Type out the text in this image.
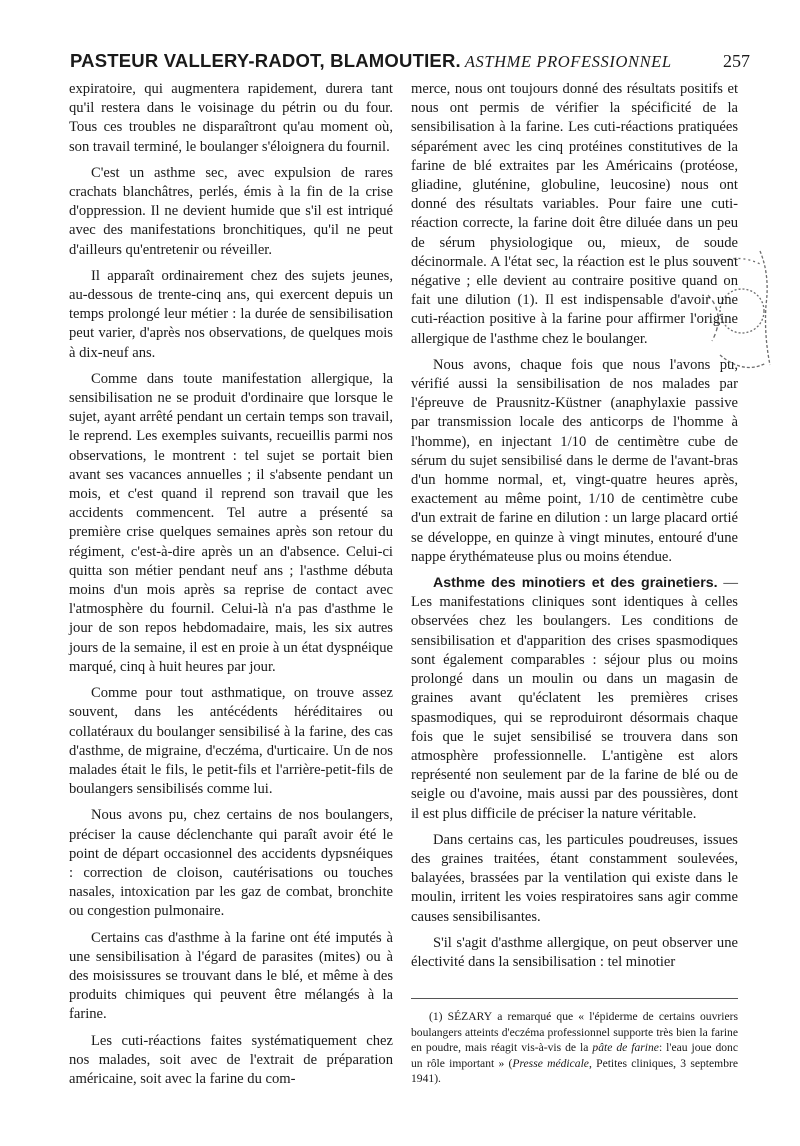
PASTEUR VALLERY-RADOT, BLAMOUTIER. ASTHME PROFESSIONNEL	257

expiratoire, qui augmentera rapidement, durera tant qu'il restera dans le voisinage du pétrin ou du four. Tous ces troubles ne disparaîtront qu'au moment où, son travail terminé, le boulanger s'éloignera du fournil.

C'est un asthme sec, avec expulsion de rares crachats blanchâtres, perlés, émis à la fin de la crise d'oppression. Il ne devient humide que s'il est intriqué avec des manifestations bronchitiques, qu'il ne peut d'ailleurs qu'entretenir ou réveiller.

Il apparaît ordinairement chez des sujets jeunes, au-dessous de trente-cinq ans, qui exercent depuis un temps prolongé leur métier : la durée de sensibilisation peut varier, d'après nos observations, de quelques mois à dix-neuf ans.

Comme dans toute manifestation allergique, la sensibilisation ne se produit d'ordinaire que lorsque le sujet, ayant arrêté pendant un certain temps son travail, le reprend. Les exemples suivants, recueillis parmi nos observations, le montrent : tel sujet se portait bien avant ses vacances annuelles ; il s'absente pendant un mois, et c'est quand il reprend son travail que les accidents commencent. Tel autre a présenté sa première crise quelques semaines après son retour du régiment, c'est-à-dire après un an d'absence. Celui-ci quitta son métier pendant neuf ans ; l'asthme débuta moins d'un mois après sa reprise de contact avec l'atmosphère du fournil. Celui-là n'a pas d'asthme le jour de son repos hebdomadaire, mais, les six autres jours de la semaine, il est en proie à un état dyspnéique marqué, cinq à huit heures par jour.

Comme pour tout asthmatique, on trouve assez souvent, dans les antécédents héréditaires ou collatéraux du boulanger sensibilisé à la farine, des cas d'asthme, de migraine, d'eczéma, d'urticaire. Un de nos malades était le fils, le petit-fils et l'arrière-petit-fils de boulangers sensibilisés comme lui.

Nous avons pu, chez certains de nos boulangers, préciser la cause déclenchante qui paraît avoir été le point de départ occasionnel des accidents dypsnéiques : correction de cloison, cautérisations ou touches nasales, intoxication par les gaz de combat, bronchite ou congestion pulmonaire.

Certains cas d'asthme à la farine ont été imputés à une sensibilisation à l'égard de parasites (mites) ou à des moisissures se trouvant dans le blé, et même à des produits chimiques qui peuvent être mélangés à la farine.

Les cuti-réactions faites systématiquement chez nos malades, soit avec de l'extrait de préparation américaine, soit avec la farine du com-

merce, nous ont toujours donné des résultats positifs et nous ont permis de vérifier la spécificité de la sensibilisation à la farine. Les cuti-réactions pratiquées séparément avec les cinq protéines constitutives de la farine de blé extraites par les Américains (protéose, gliadine, gluténine, globuline, leucosine) nous ont donné des résultats variables. Pour faire une cuti-réaction correcte, la farine doit être diluée dans un peu de sérum physiologique ou, mieux, de soude décinormale. A l'état sec, la réaction est le plus souvent négative ; elle devient au contraire positive quand on fait une dilution (1). Il est indispensable d'avoir une cuti-réaction positive à la farine pour affirmer l'origine allergique de l'asthme chez le boulanger.

Nous avons, chaque fois que nous l'avons pu, vérifié aussi la sensibilisation de nos malades par l'épreuve de Prausnitz-Küstner (anaphylaxie passive par transmission locale des anticorps de l'homme à l'homme), en injectant 1/10 de centimètre cube de sérum du sujet sensibilisé dans le derme de l'avant-bras d'un homme normal, et, vingt-quatre heures après, exactement au même point, 1/10 de centimètre cube d'un extrait de farine en dilution : un large placard ortié se développe, en quinze à vingt minutes, entouré d'une nappe érythémateuse plus ou moins étendue.

Asthme des minotiers et des grainetiers. — Les manifestations cliniques sont identiques à celles observées chez les boulangers. Les conditions de sensibilisation et d'apparition des crises spasmodiques sont également comparables : séjour plus ou moins prolongé dans un moulin ou dans un magasin de graines avant qu'éclatent les premières crises spasmodiques, qui se reproduiront désormais chaque fois que le sujet sensibilisé se trouvera dans son atmosphère professionnelle. L'antigène est alors représenté non seulement par de la farine de blé ou de seigle ou d'avoine, mais aussi par des poussières, dont il est plus difficile de préciser la nature véritable.

Dans certains cas, les particules poudreuses, issues des graines traitées, étant constamment soulevées, balayées, brassées par la ventilation qui existe dans le moulin, irritent les voies respiratoires sans agir comme causes sensibilisantes.

S'il s'agit d'asthme allergique, on peut observer une électivité dans la sensibilisation : tel minotier

(1) SÉZARY a remarqué que « l'épiderme de certains ouvriers boulangers atteints d'eczéma professionnel supporte très bien la farine en poudre, mais réagit vis-à-vis de la pâte de farine: l'eau joue donc un rôle important » (Presse médicale, Petites cliniques, 3 septembre 1941).
